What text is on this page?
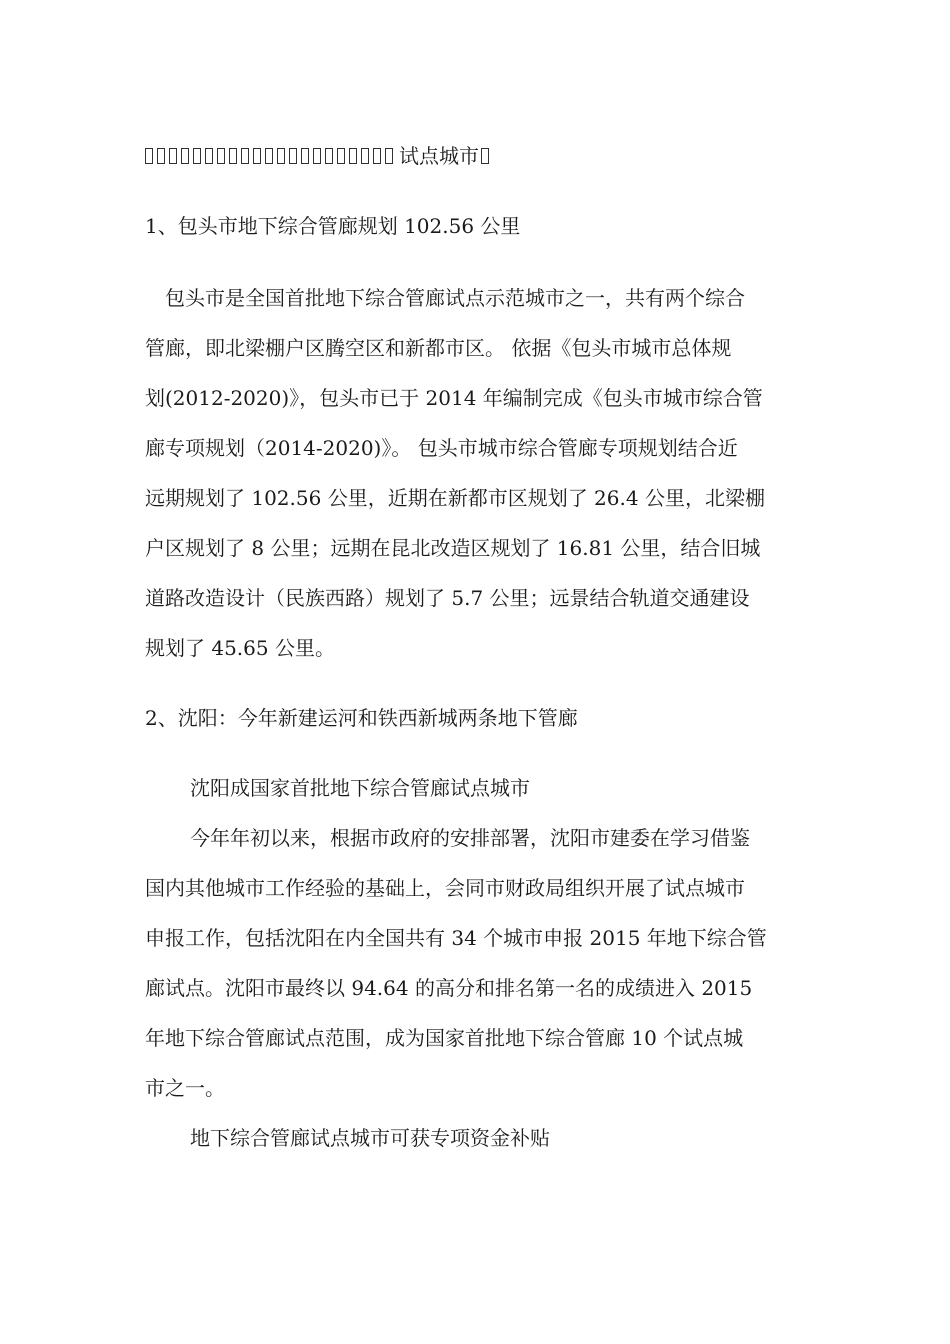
试点城市
1、包头市地下综合管廊规划 102.56 公里
包头市是全国首批地下综合管廊试点示范城市之一，共有两个综合
管廊，即北梁棚户区腾空区和新都市区。 依据《包头市城市总体规
划(2012-2020)》，包头市已于 2014 年编制完成《包头市城市综合管
廊专项规划（2014-2020)》。 包头市城市综合管廊专项规划结合近
远期规划了 102.56 公里，近期在新都市区规划了 26.4 公里，北梁棚
户区规划了 8 公里；远期在昆北改造区规划了 16.81 公里，结合旧城
道路改造设计（民族西路）规划了 5.7 公里；远景结合轨道交通建设
规划了 45.65 公里。
2、沈阳：今年新建运河和铁西新城两条地下管廊
沈阳成国家首批地下综合管廊试点城市
今年年初以来，根据市政府的安排部署，沈阳市建委在学习借鉴
国内其他城市工作经验的基础上，会同市财政局组织开展了试点城市
申报工作，包括沈阳在内全国共有 34 个城市申报 2015 年地下综合管
廊试点。沈阳市最终以 94.64 的高分和排名第一名的成绩进入 2015
年地下综合管廊试点范围，成为国家首批地下综合管廊 10 个试点城
市之一。
地下综合管廊试点城市可获专项资金补贴
